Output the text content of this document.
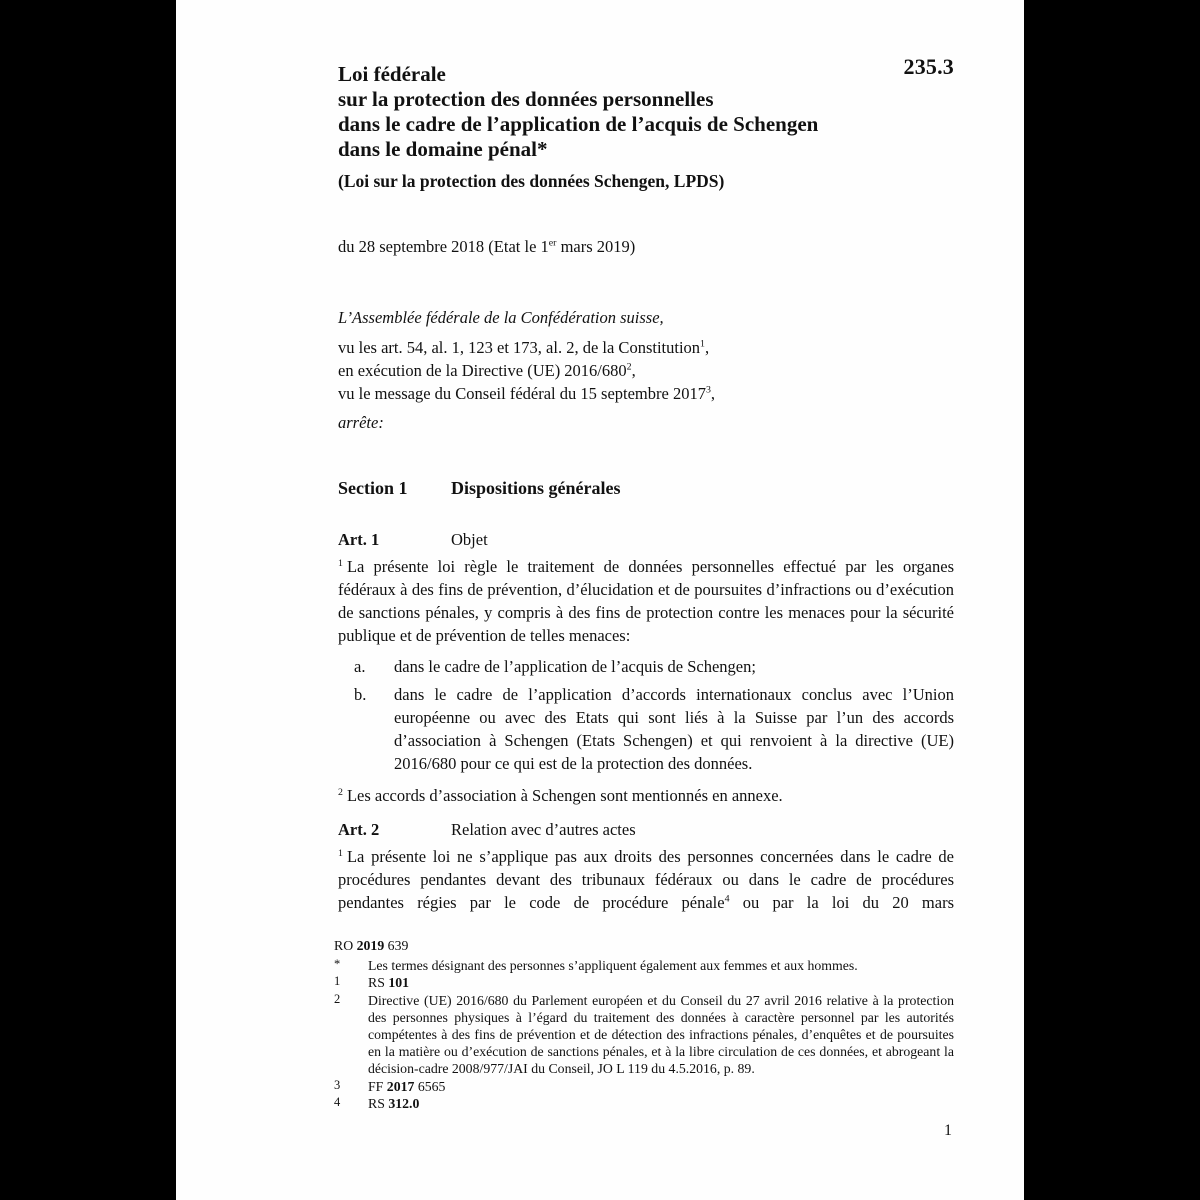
235.3
Loi fédérale
sur la protection des données personnelles
dans le cadre de l’application de l’acquis de Schengen
dans le domaine pénal*
(Loi sur la protection des données Schengen, LPDS)
du 28 septembre 2018 (Etat le 1er mars 2019)
L’Assemblée fédérale de la Confédération suisse,
vu les art. 54, al. 1, 123 et 173, al. 2, de la Constitution$^1$,
en exécution de la Directive (UE) $2016/680^2$,
vu le message du Conseil fédéral du 15 septembre 2017$^3$,
arrête:
Section 1 Dispositions générales
Art. 1	Objet
$^1$ La présente loi règle le traitement de données personnelles effectué par les organes fédéraux à des fins de prévention, d’élucidation et de poursuites d’infractions ou d’exécution de sanctions pénales, y compris à des fins de protection contre les menaces pour la sécurité publique et de prévention de telles menaces:
a.	dans le cadre de l’application de l’acquis de Schengen;
b.	dans le cadre de l’application d’accords internationaux conclus avec l’Union européenne ou avec des Etats qui sont liés à la Suisse par l’un des accords d’association à Schengen (Etats Schengen) et qui renvoient à la directive (UE) 2016/680 pour ce qui est de la protection des données.
$^2$ Les accords d’association à Schengen sont mentionnés en annexe.
Art. 2	Relation avec d’autres actes
$^1$ La présente loi ne s’applique pas aux droits des personnes concernées dans le cadre de procédures pendantes devant des tribunaux fédéraux ou dans le cadre de procédures pendantes régies par le code de procédure pénale$^4$ ou par la loi du 20 mars
RO 2019 639
*	Les termes désignant des personnes s’appliquent également aux femmes et aux hommes.
1	RS 101
2	Directive (UE) 2016/680 du Parlement européen et du Conseil du 27 avril 2016 relative à la protection des personnes physiques à l’égard du traitement des données à caractère personnel par les autorités compétentes à des fins de prévention et de détection des infractions pénales, d’enquêtes et de poursuites en la matière ou d’exécution de sanctions pénales, et à la libre circulation de ces données, et abrogeant la décision-cadre 2008/977/JAI du Conseil, JO L 119 du 4.5.2016, p. 89.
3	FF 2017 6565
4	RS 312.0
1
